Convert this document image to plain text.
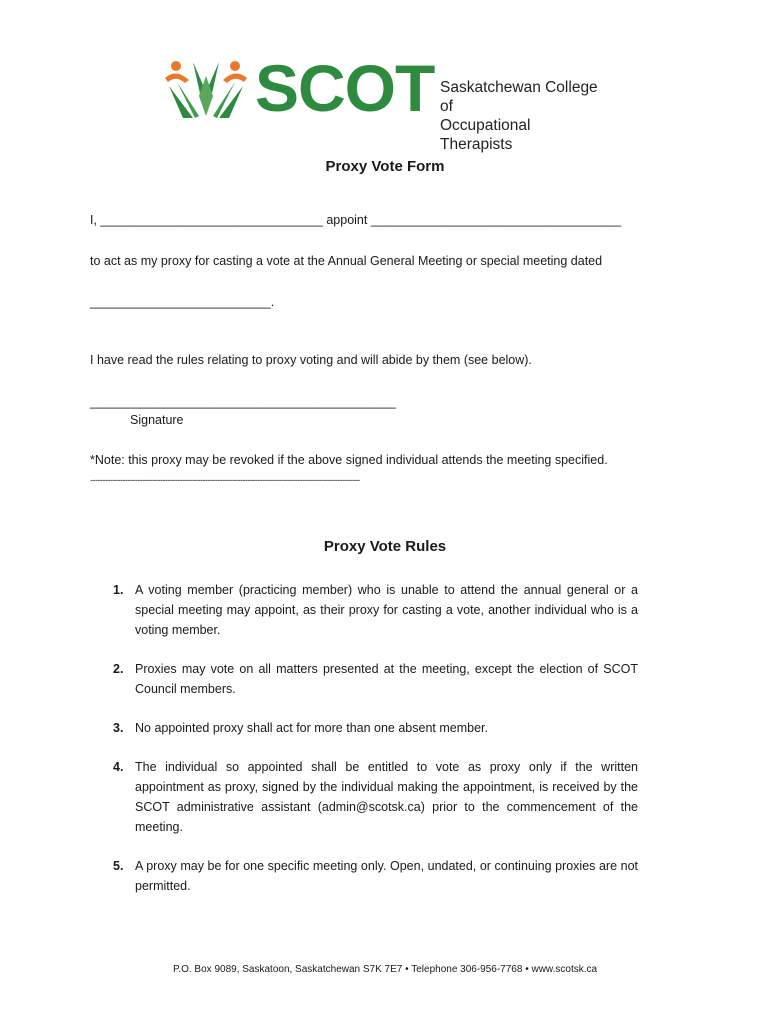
SCOT Saskatchewan College of
Occupational Therapists
Proxy Vote Form
I, ________________________________ appoint ____________________________________
to act as my proxy for casting a vote at the Annual General Meeting or special meeting dated
__________________________.
I have read the rules relating to proxy voting and will abide by them (see below).
____________________________________________
Signature
*Note: this proxy may be revoked if the above signed individual attends the meeting specified.
------------------------------------------------------------------------------------------------------------
Proxy Vote Rules
1. A voting member (practicing member) who is unable to attend the annual general or a special meeting may appoint, as their proxy for casting a vote, another individual who is a voting member.
2. Proxies may vote on all matters presented at the meeting, except the election of SCOT Council members.
3. No appointed proxy shall act for more than one absent member.
4. The individual so appointed shall be entitled to vote as proxy only if the written appointment as proxy, signed by the individual making the appointment, is received by the SCOT administrative assistant (admin@scotsk.ca) prior to the commencement of the meeting.
5. A proxy may be for one specific meeting only. Open, undated, or continuing proxies are not permitted.
P.O. Box 9089, Saskatoon, Saskatchewan S7K 7E7 • Telephone 306-956-7768 • www.scotsk.ca
